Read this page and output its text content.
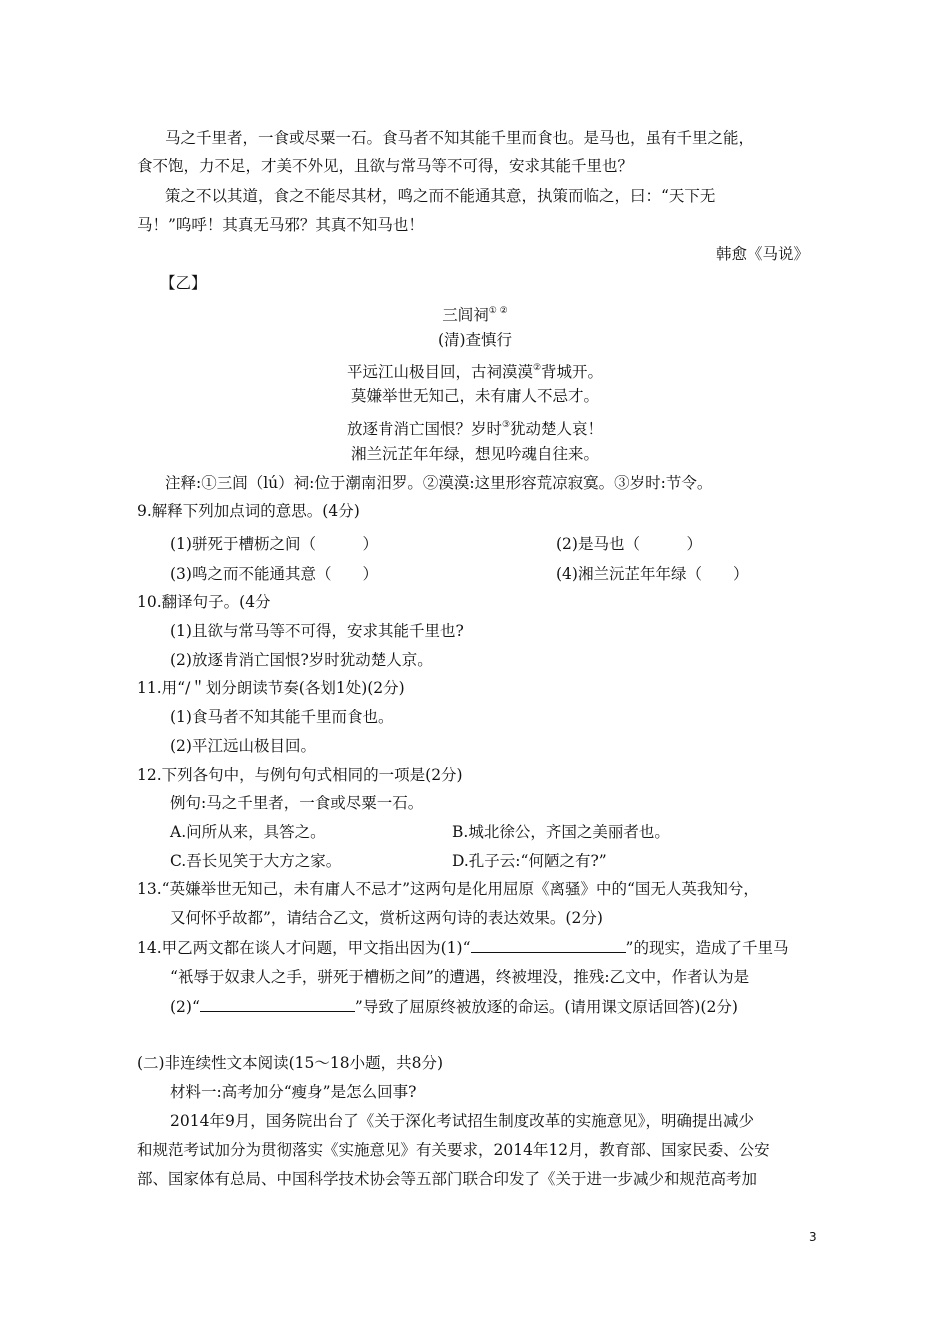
马之千里者，一食或尽粟一石。食马者不知其能千里而食也。是马也，虽有千里之能，
食不饱，力不足，才美不外见，且欲与常马等不可得，安求其能千里也？
策之不以其道，食之不能尽其材，鸣之而不能通其意，执策而临之，曰：“天下无
马！”呜呼！其真无马邪？其真不知马也！
韩愈《马说》
【乙】
三闾祠① ②
(清)查慎行
平远江山极目回，古祠漠漠②背城开。
莫嫌举世无知己，未有庸人不忌才。
放逐肯消亡国恨？岁时③犹动楚人哀！
湘兰沅芷年年绿，想见吟魂自往来。
注释:①三闾（lú）祠:位于潮南汨罗。②漠漠:这里形容荒凉寂寞。③岁时:节令。
9.解释下列加点词的意思。(4分)
(1)骈死于槽枥之间（　　　）	(2)是马也（　　　）
(3)鸣之而不能通其意（　　）	(4)湘兰沅芷年年绿（　　）
10.翻译句子。(4分
(1)且欲与常马等不可得，安求其能千里也?
(2)放逐肯消亡国恨?岁时犹动楚人京。
11.用“/＂划分朗读节奏(各划1处)(2分)
(1)食马者不知其能千里而食也。
(2)平江远山极目回。
12.下列各句中，与例句句式相同的一项是(2分)
例句:马之千里者，一食或尽粟一石。
A.问所从来，具答之。	B.城北徐公，齐国之美丽者也。
C.吾长见笑于大方之家。	D.孔子云:“何陋之有?”
13.“英嫌举世无知己，未有庸人不忌才”这两句是化用屈原《离骚》中的“国无人英我知兮，
又何怀乎故都”，请结合乙文，赏析这两句诗的表达效果。(2分)
14.甲乙两文都在谈人才问题，甲文指出因为(1)“	”的现实，造成了千里马
“衹辱于奴隶人之手，骈死于槽枥之间”的遭遇，终被埋没，推残:乙文中，作者认为是
(2)“	”导致了屈原终被放逐的命运。(请用课文原话回答)(2分)
(二)非连续性文本阅读(15～18小题，共8分)
材料一:高考加分“瘦身”是怎么回事?
2014年9月，国务院出台了《关于深化考试招生制度改革的实施意见》，明确提出减少
和规范考试加分为贯彻落实《实施意见》有关要求，2014年12月，教育部、国家民委、公安
部、国家体有总局、中国科学技术协会等五部门联合印发了《关于进一步减少和规范高考加
3
